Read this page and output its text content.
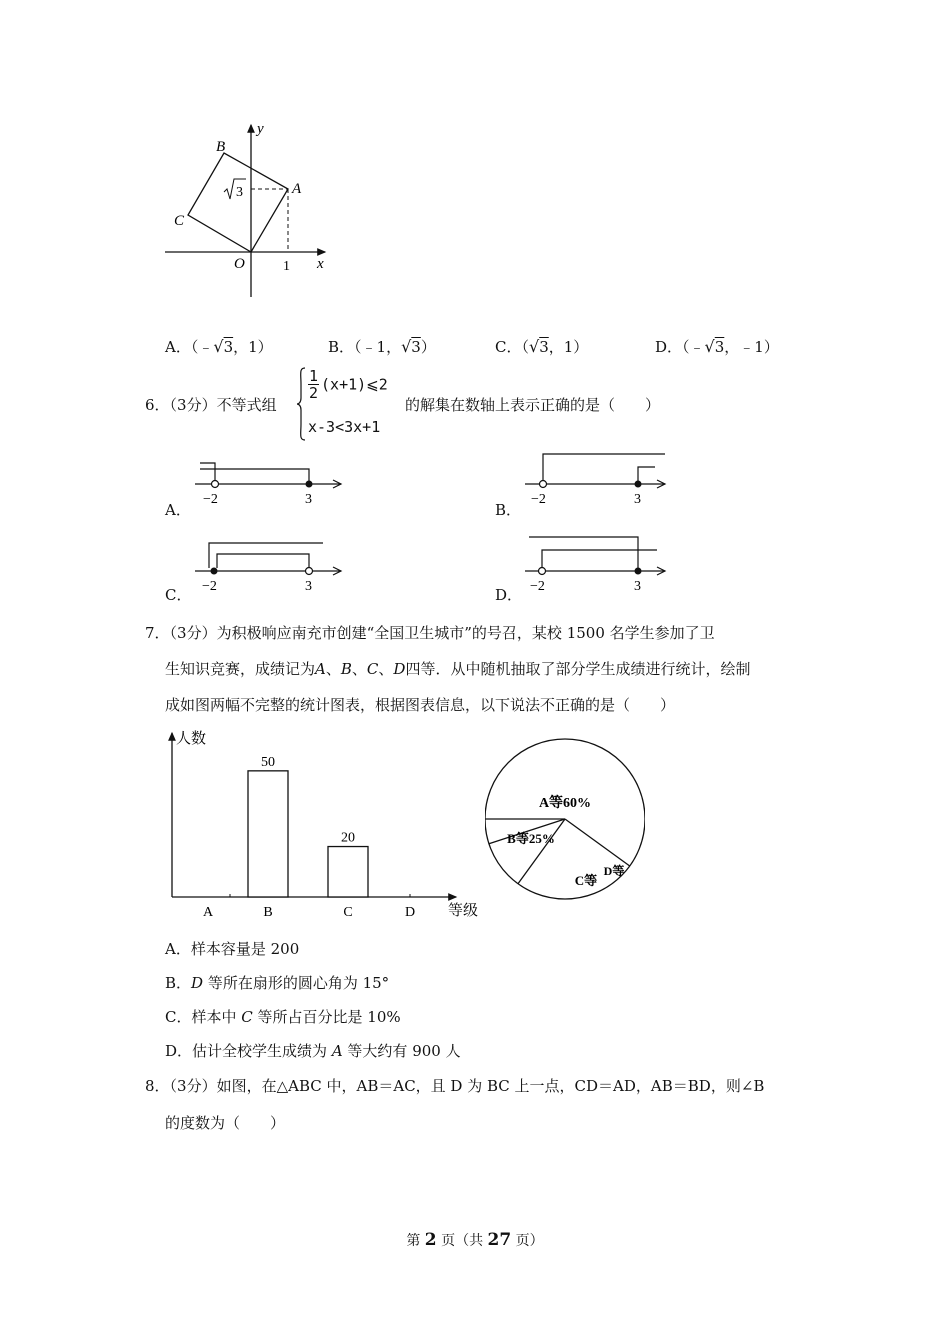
y
x
O
A
B
C
1
3
A．（﹣√3，1）	B．（﹣1，√3）	C．（√3，1）	D．（﹣√3，﹣1）
6．（3分）不等式组
$\frac{1}{2}$ (x+1)⩽2
x-3<3x+1
的解集在数轴上表示正确的是（　　）
−2	3
A．
−2	3
B．
−2	3
C．	−2	3
D．
7．（3分）为积极响应南充市创建“全国卫生城市”的号召，某校 1500 名学生参加了卫
生知识竞赛，成绩记为A、B、C、D四等．从中随机抽取了部分学生成绩进行统计，绘制
成如图两幅不完整的统计图表，根据图表信息，以下说法不正确的是（　　）
人数
等级
A	B
50
C
20
D
A等60%
B等25%
C等
D等
A．样本容量是 200
B．D 等所在扇形的圆心角为 15°
C．样本中 C 等所占百分比是 10%
D．估计全校学生成绩为 A 等大约有 900 人
8．（3分）如图，在△ABC 中，AB＝AC，且 D 为 BC 上一点，CD＝AD，AB＝BD，则∠B
的度数为（　　）
第 2 页（共 27 页）
